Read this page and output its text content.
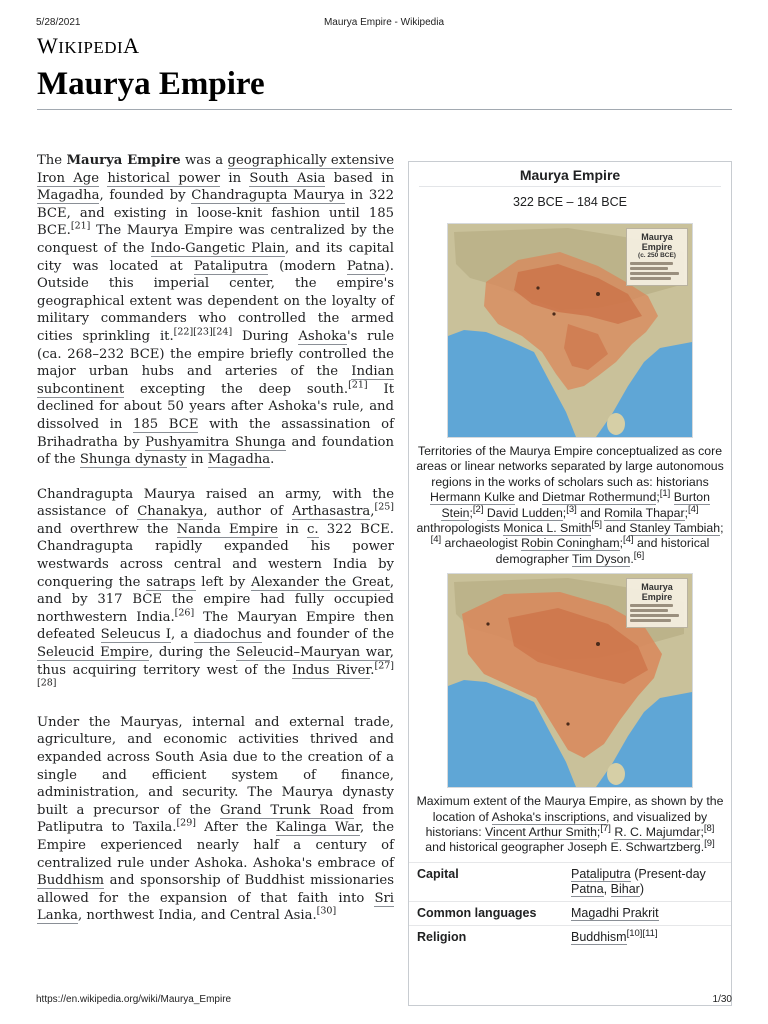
5/28/2021	Maurya Empire - Wikipedia
WIKIPEDIA
Maurya Empire

The Maurya Empire was a geographically extensive Iron Age historical power in South Asia based in Magadha, founded by Chandragupta Maurya in 322 BCE, and existing in loose-knit fashion until 185 BCE.[21] The Maurya Empire was centralized by the conquest of the Indo-Gangetic Plain, and its capital city was located at Pataliputra (modern Patna). Outside this imperial center, the empire's geographical extent was dependent on the loyalty of military commanders who controlled the armed cities sprinkling it.[22][23][24] During Ashoka's rule (ca. 268–232 BCE) the empire briefly controlled the major urban hubs and arteries of the Indian subcontinent excepting the deep south.[21] It declined for about 50 years after Ashoka's rule, and dissolved in 185 BCE with the assassination of Brihadratha by Pushyamitra Shunga and foundation of the Shunga dynasty in Magadha.

Chandragupta Maurya raised an army, with the assistance of Chanakya, author of Arthasastra,[25] and overthrew the Nanda Empire in c. 322 BCE. Chandragupta rapidly expanded his power westwards across central and western India by conquering the satraps left by Alexander the Great, and by 317 BCE the empire had fully occupied northwestern India.[26] The Mauryan Empire then defeated Seleucus I, a diadochus and founder of the Seleucid Empire, during the Seleucid–Mauryan war, thus acquiring territory west of the Indus River.[27][28]

Under the Mauryas, internal and external trade, agriculture, and economic activities thrived and expanded across South Asia due to the creation of a single and efficient system of finance, administration, and security. The Maurya dynasty built a precursor of the Grand Trunk Road from Patliputra to Taxila.[29] After the Kalinga War, the Empire experienced nearly half a century of centralized rule under Ashoka. Ashoka's embrace of Buddhism and sponsorship of Buddhist missionaries allowed for the expansion of that faith into Sri Lanka, northwest India, and Central Asia.[30]

Maurya Empire
322 BCE – 184 BCE
Maurya Empire
(c. 250 BCE)
Territories of the Maurya Empire conceptualized as core areas or linear networks separated by large autonomous regions in the works of scholars such as: historians Hermann Kulke and Dietmar Rothermund;[1] Burton Stein;[2] David Ludden;[3] and Romila Thapar;[4] anthropologists Monica L. Smith[5] and Stanley Tambiah;[4] archaeologist Robin Coningham;[4] and historical demographer Tim Dyson.[6]
Maurya Empire
Maximum extent of the Maurya Empire, as shown by the location of Ashoka's inscriptions, and visualized by historians: Vincent Arthur Smith;[7] R. C. Majumdar;[8] and historical geographer Joseph E. Schwartzberg.[9]
Capital	Pataliputra (Present-day Patna, Bihar)
Common languages	Magadhi Prakrit
Religion	Buddhism[10][11]
https://en.wikipedia.org/wiki/Maurya_Empire	1/30
